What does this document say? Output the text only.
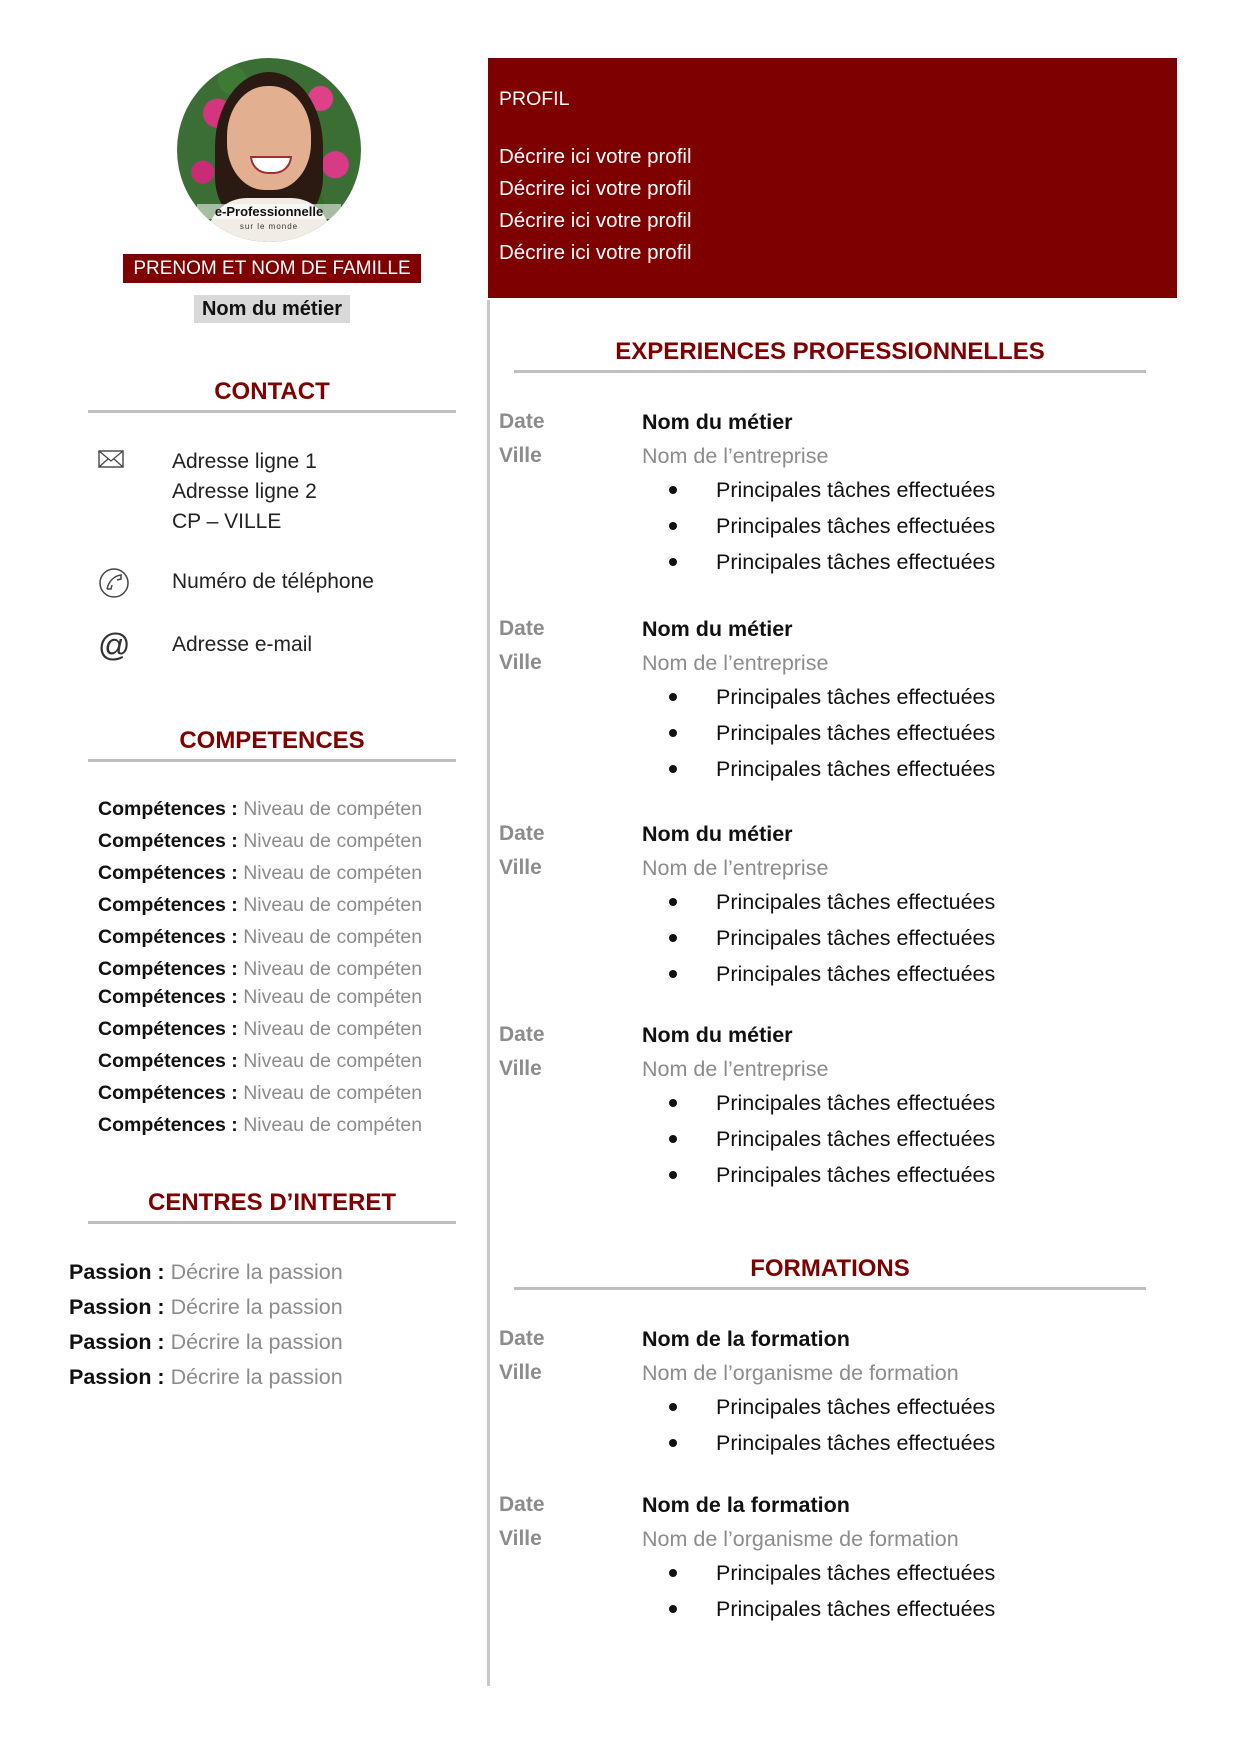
e-Professionnelle
sur le monde
PRENOM ET NOM DE FAMILLE
Nom du métier
CONTACT
Adresse ligne 1
Adresse ligne 2
CP – VILLE
Numéro de téléphone
@	Adresse e-mail
COMPETENCES
Compétences : Niveau de compéten
Compétences : Niveau de compéten
Compétences : Niveau de compéten
Compétences : Niveau de compéten
Compétences : Niveau de compéten
Compétences : Niveau de compéten
Compétences : Niveau de compéten
Compétences : Niveau de compéten
Compétences : Niveau de compéten
Compétences : Niveau de compéten
Compétences : Niveau de compéten
CENTRES D’INTERET
Passion : Décrire la passion
Passion : Décrire la passion
Passion : Décrire la passion
Passion : Décrire la passion
PROFIL
Décrire ici votre profil
Décrire ici votre profil
Décrire ici votre profil
Décrire ici votre profil
EXPERIENCES PROFESSIONNELLES
Date
Ville
Nom du métier
Nom de l’entreprise
Principales tâches effectuées
Principales tâches effectuées
Principales tâches effectuées
Date
Ville
Nom du métier
Nom de l’entreprise
Principales tâches effectuées
Principales tâches effectuées
Principales tâches effectuées
Date
Ville
Nom du métier
Nom de l’entreprise
Principales tâches effectuées
Principales tâches effectuées
Principales tâches effectuées
Date
Ville
Nom du métier
Nom de l’entreprise
Principales tâches effectuées
Principales tâches effectuées
Principales tâches effectuées
FORMATIONS
Date
Ville
Nom de la formation
Nom de l’organisme de formation
Principales tâches effectuées
Principales tâches effectuées
Date
Ville
Nom de la formation
Nom de l’organisme de formation
Principales tâches effectuées
Principales tâches effectuées
